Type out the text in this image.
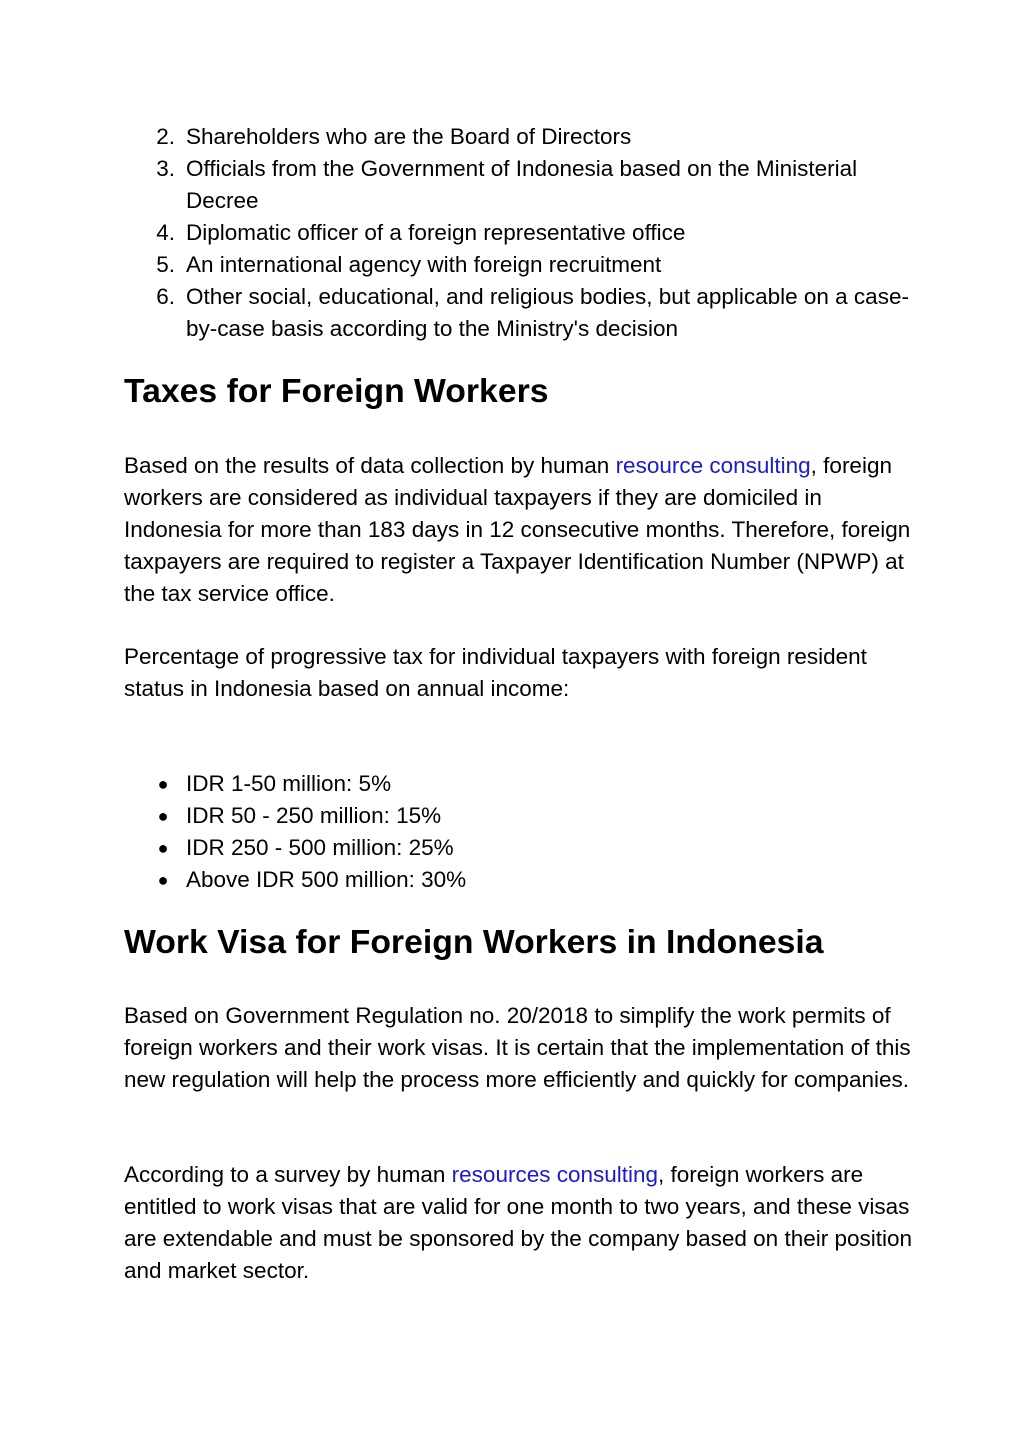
2. Shareholders who are the Board of Directors
3. Officials from the Government of Indonesia based on the Ministerial Decree
4. Diplomatic officer of a foreign representative office
5. An international agency with foreign recruitment
6. Other social, educational, and religious bodies, but applicable on a case-by-case basis according to the Ministry's decision
Taxes for Foreign Workers

Based on the results of data collection by human resource consulting, foreign workers are considered as individual taxpayers if they are domiciled in Indonesia for more than 183 days in 12 consecutive months. Therefore, foreign taxpayers are required to register a Taxpayer Identification Number (NPWP) at the tax service office.

Percentage of progressive tax for individual taxpayers with foreign resident status in Indonesia based on annual income:

● IDR 1-50 million: 5%
● IDR 50 - 250 million: 15%
● IDR 250 - 500 million: 25%
● Above IDR 500 million: 30%
Work Visa for Foreign Workers in Indonesia

Based on Government Regulation no. 20/2018 to simplify the work permits of foreign workers and their work visas. It is certain that the implementation of this new regulation will help the process more efficiently and quickly for companies.

According to a survey by human resources consulting, foreign workers are entitled to work visas that are valid for one month to two years, and these visas are extendable and must be sponsored by the company based on their position and market sector.
